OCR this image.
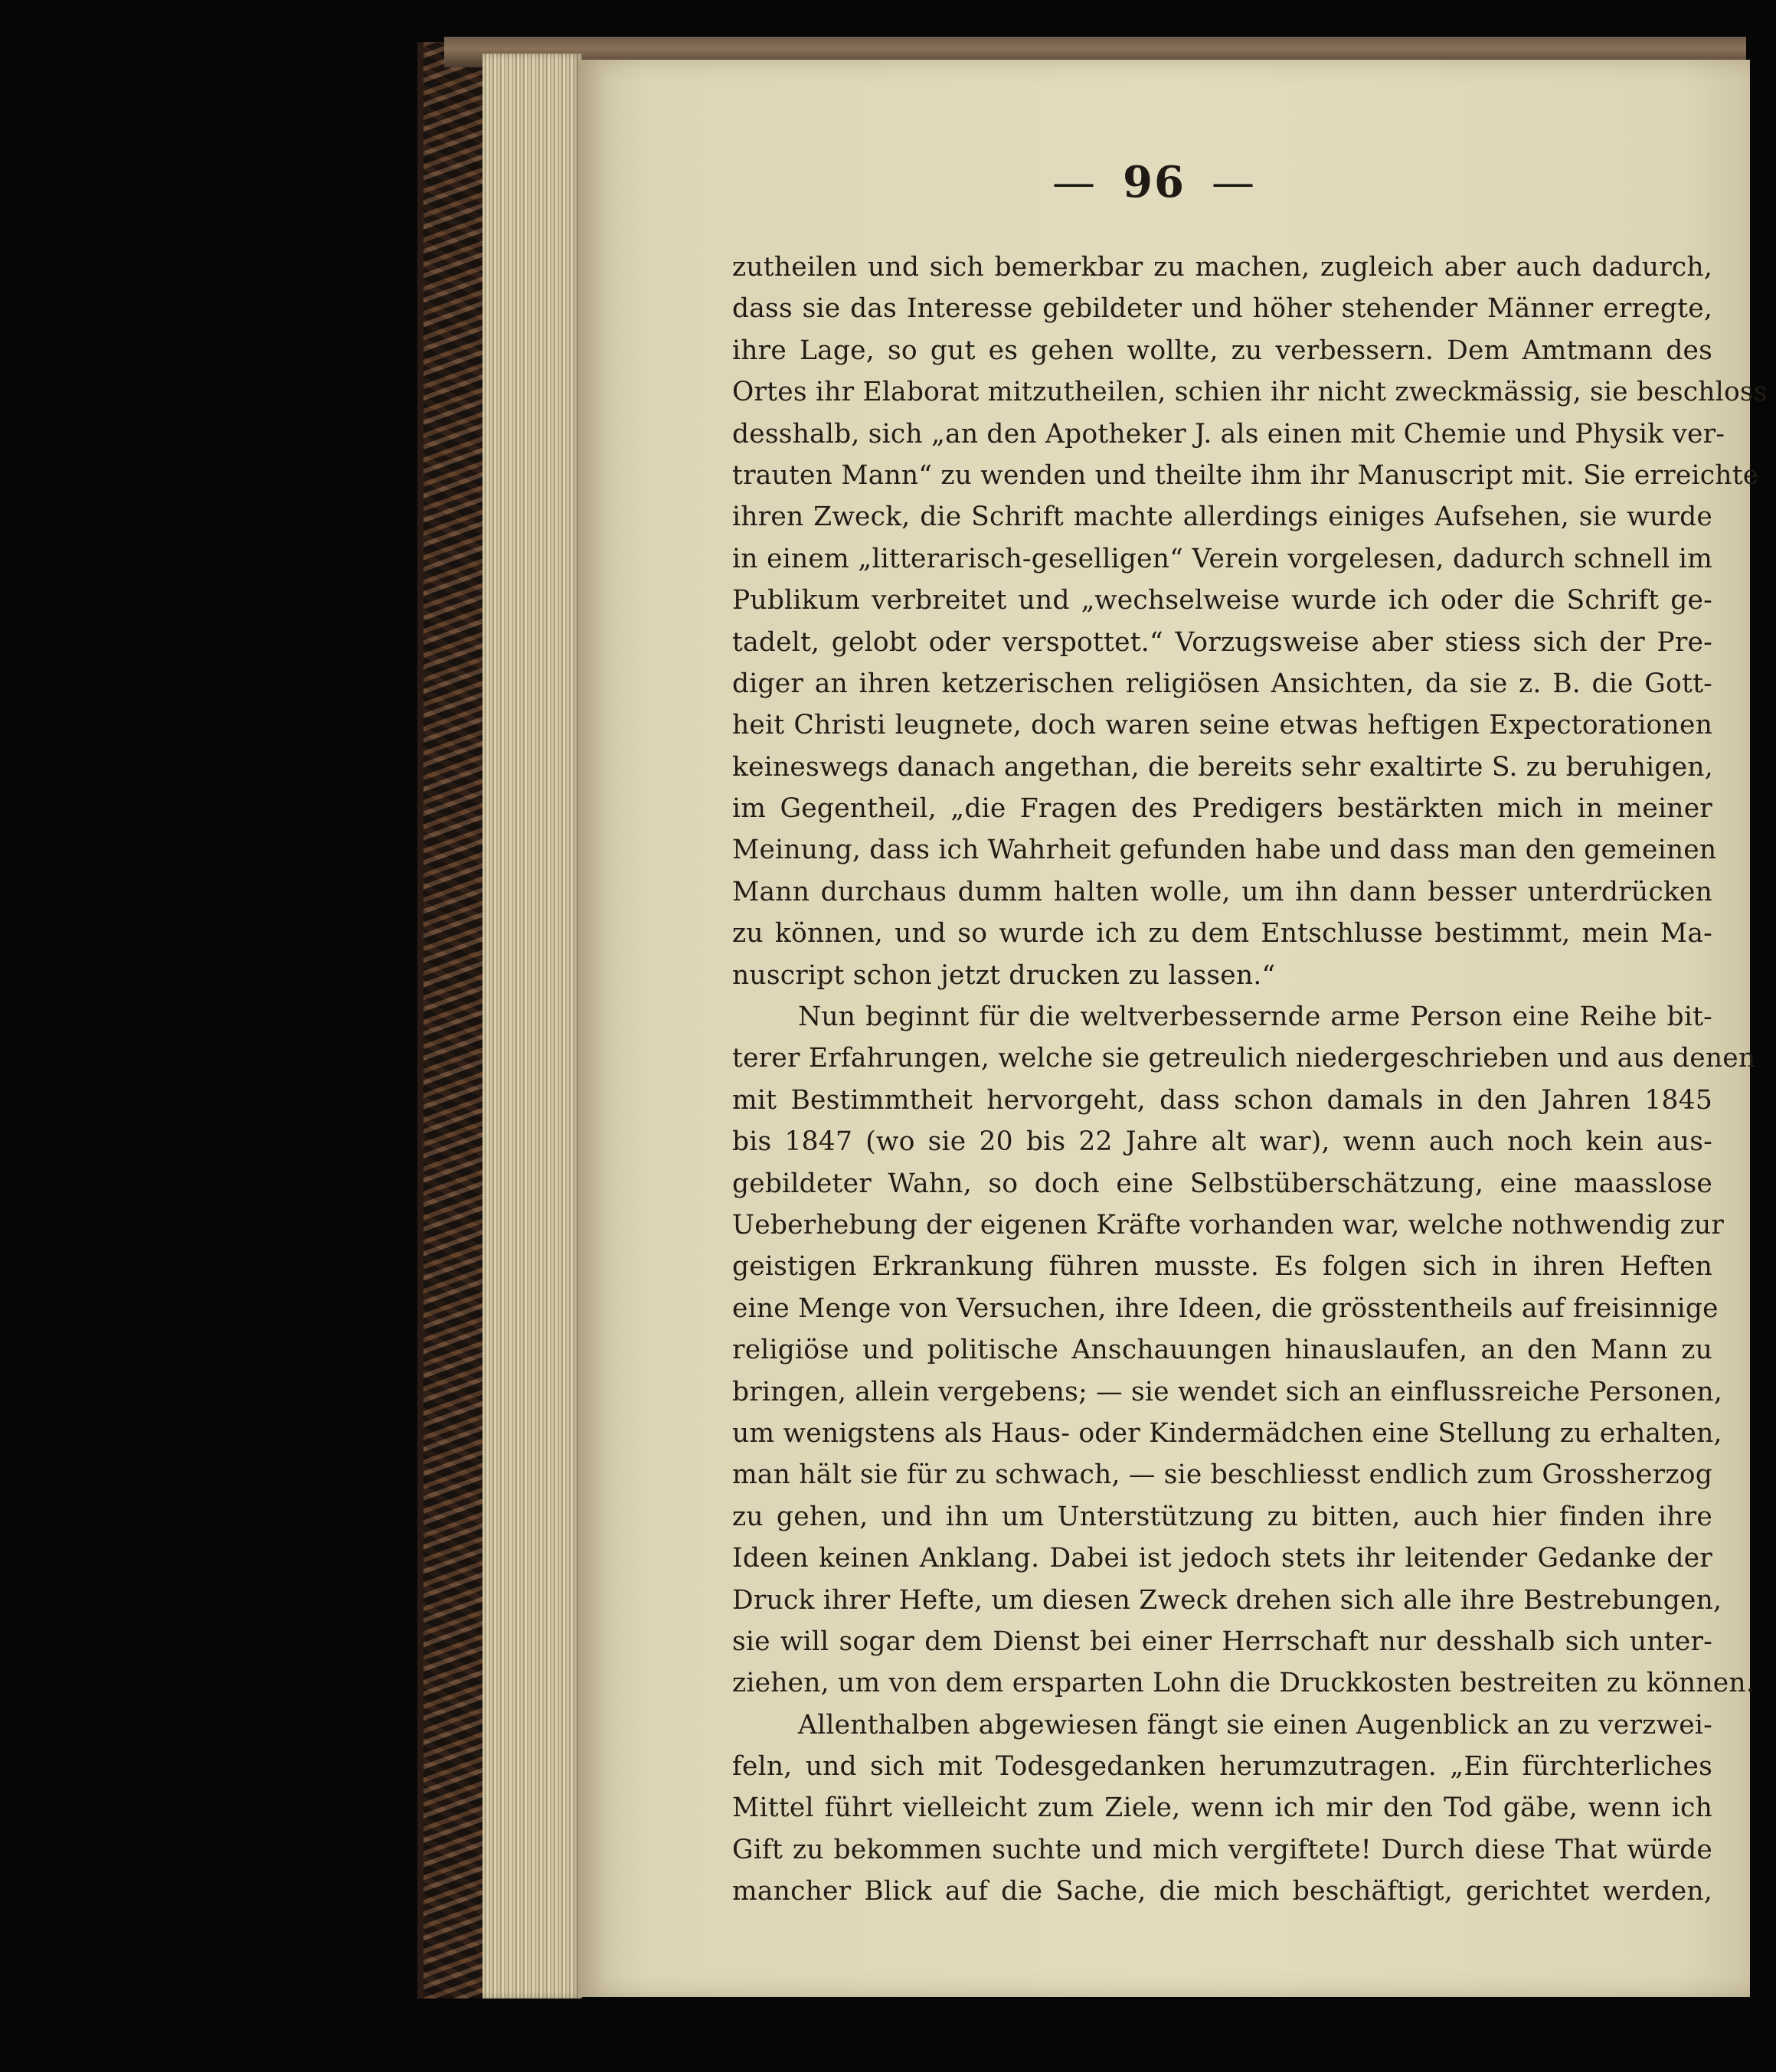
— 96 —
zutheilen und sich bemerkbar zu machen, zugleich aber auch dadurch,
dass sie das Interesse gebildeter und höher stehender Männer erregte,
ihre Lage, so gut es gehen wollte, zu verbessern. Dem Amtmann des
Ortes ihr Elaborat mitzutheilen, schien ihr nicht zweckmässig, sie beschloss
desshalb, sich „an den Apotheker J. als einen mit Chemie und Physik ver-
trauten Mann“ zu wenden und theilte ihm ihr Manuscript mit. Sie erreichte
ihren Zweck, die Schrift machte allerdings einiges Aufsehen, sie wurde
in einem „litterarisch-geselligen“ Verein vorgelesen, dadurch schnell im
Publikum verbreitet und „wechselweise wurde ich oder die Schrift ge-
tadelt, gelobt oder verspottet.“ Vorzugsweise aber stiess sich der Pre-
diger an ihren ketzerischen religiösen Ansichten, da sie z. B. die Gott-
heit Christi leugnete, doch waren seine etwas heftigen Expectorationen
keineswegs danach angethan, die bereits sehr exaltirte S. zu beruhigen,
im Gegentheil, „die Fragen des Predigers bestärkten mich in meiner
Meinung, dass ich Wahrheit gefunden habe und dass man den gemeinen
Mann durchaus dumm halten wolle, um ihn dann besser unterdrücken
zu können, und so wurde ich zu dem Entschlusse bestimmt, mein Ma-
nuscript schon jetzt drucken zu lassen.“
Nun beginnt für die weltverbessernde arme Person eine Reihe bit-
terer Erfahrungen, welche sie getreulich niedergeschrieben und aus denen
mit Bestimmtheit hervorgeht, dass schon damals in den Jahren 1845
bis 1847 (wo sie 20 bis 22 Jahre alt war), wenn auch noch kein aus-
gebildeter Wahn, so doch eine Selbstüberschätzung, eine maasslose
Ueberhebung der eigenen Kräfte vorhanden war, welche nothwendig zur
geistigen Erkrankung führen musste. Es folgen sich in ihren Heften
eine Menge von Versuchen, ihre Ideen, die grösstentheils auf freisinnige
religiöse und politische Anschauungen hinauslaufen, an den Mann zu
bringen, allein vergebens; — sie wendet sich an einflussreiche Personen,
um wenigstens als Haus- oder Kindermädchen eine Stellung zu erhalten,
man hält sie für zu schwach, — sie beschliesst endlich zum Grossherzog
zu gehen, und ihn um Unterstützung zu bitten, auch hier finden ihre
Ideen keinen Anklang. Dabei ist jedoch stets ihr leitender Gedanke der
Druck ihrer Hefte, um diesen Zweck drehen sich alle ihre Bestrebungen,
sie will sogar dem Dienst bei einer Herrschaft nur desshalb sich unter-
ziehen, um von dem ersparten Lohn die Druckkosten bestreiten zu können.
Allenthalben abgewiesen fängt sie einen Augenblick an zu verzwei-
feln, und sich mit Todesgedanken herumzutragen. „Ein fürchterliches
Mittel führt vielleicht zum Ziele, wenn ich mir den Tod gäbe, wenn ich
Gift zu bekommen suchte und mich vergiftete! Durch diese That würde
mancher Blick auf die Sache, die mich beschäftigt, gerichtet werden,
